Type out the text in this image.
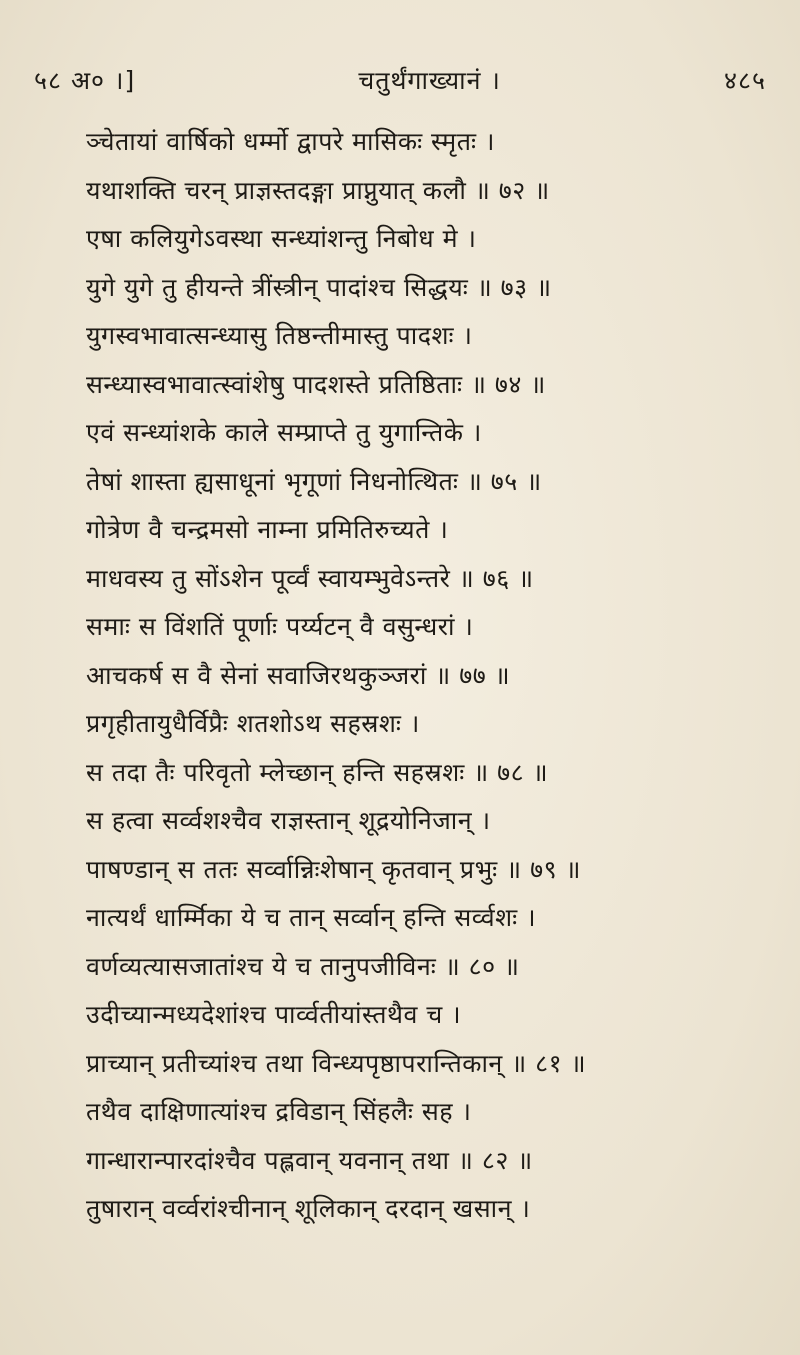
५८ अ० ।]	चतुर्थंगाख्यानं ।	४८५
ञ्चेतायां वार्षिको धर्म्मो द्वापरे मासिकः स्मृतः ।
यथाशक्ति चरन् प्राज्ञस्तदङ्गा प्राप्नुयात् कलौ ॥ ७२ ॥
एषा कलियुगेऽवस्था सन्ध्यांशन्तु निबोध मे ।
युगे युगे तु हीयन्ते त्रींस्त्रीन् पादांश्च सिद्धयः ॥ ७३ ॥
युगस्वभावात्सन्ध्यासु तिष्ठन्तीमास्तु पादशः ।
सन्ध्यास्वभावात्स्वांशेषु पादशस्ते प्रतिष्ठिताः ॥ ७४ ॥
एवं सन्ध्यांशके काले सम्प्राप्ते तु युगान्तिके ।
तेषां शास्ता ह्यसाधूनां भृगूणां निधनोत्थितः ॥ ७५ ॥
गोत्रेण वै चन्द्रमसो नाम्ना प्रमितिरुच्यते ।
माधवस्य तु सोंऽशेन पूर्व्वं स्वायम्भुवेऽन्तरे ॥ ७६ ॥
समाः स विंशतिं पूर्णाः पर्य्यटन् वै वसुन्धरां ।
आचकर्ष स वै सेनां सवाजिरथकुञ्जरां ॥ ७७ ॥
प्रगृहीतायुधैर्विप्रैः शतशोऽथ सहस्रशः ।
स तदा तैः परिवृतो म्लेच्छान् हन्ति सहस्रशः ॥ ७८ ॥
स हत्वा सर्व्वशश्चैव राज्ञस्तान् शूद्रयोनिजान् ।
पाषण्डान् स ततः सर्व्वान्निःशेषान् कृतवान् प्रभुः ॥ ७९ ॥
नात्यर्थं धार्म्मिका ये च तान् सर्व्वान् हन्ति सर्व्वशः ।
वर्णव्यत्यासजातांश्च ये च तानुपजीविनः ॥ ८० ॥
उदीच्यान्मध्यदेशांश्च पार्व्वतीयांस्तथैव च ।
प्राच्यान् प्रतीच्यांश्च तथा विन्ध्यपृष्ठापरान्तिकान् ॥ ८१ ॥
तथैव दाक्षिणात्यांश्च द्रविडान् सिंहलैः सह ।
गान्धारान्पारदांश्चैव पह्लवान् यवनान् तथा ॥ ८२ ॥
तुषारान् वर्व्वरांश्चीनान् शूलिकान् दरदान् खसान् ।
